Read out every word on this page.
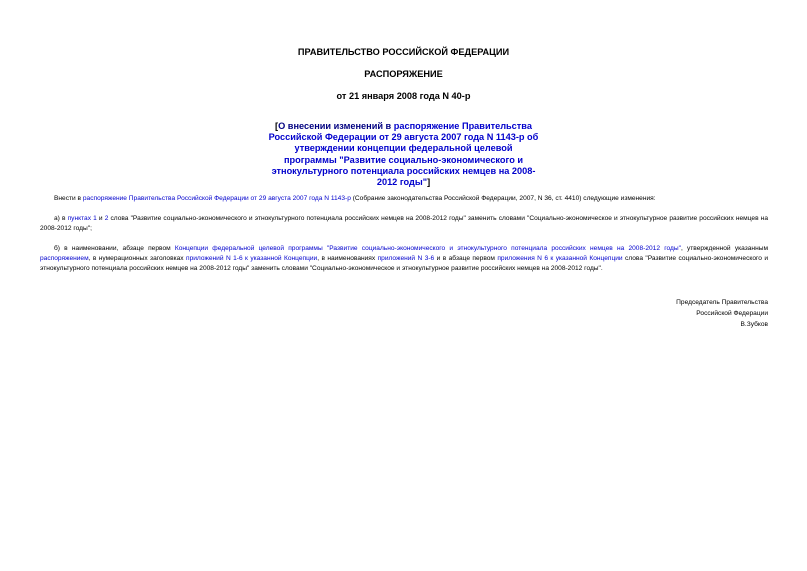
ПРАВИТЕЛЬСТВО РОССИЙСКОЙ ФЕДЕРАЦИИ
РАСПОРЯЖЕНИЕ
от 21 января 2008 года N 40-р
[О внесении изменений в распоряжение Правительства Российской Федерации от 29 августа 2007 года N 1143-р об утверждении концепции федеральной целевой программы "Развитие социально-экономического и этнокультурного потенциала российских немцев на 2008-2012 годы"]
Внести в распоряжение Правительства Российской Федерации от 29 августа 2007 года N 1143-р (Собрание законодательства Российской Федерации, 2007, N 36, ст. 4410) следующие изменения:
а) в пунктах 1 и 2 слова "Развитие социально-экономического и этнокультурного потенциала российских немцев на 2008-2012 годы" заменить словами "Социально-экономическое и этнокультурное развитие российских немцев на 2008-2012 годы";
б) в наименовании, абзаце первом Концепции федеральной целевой программы "Развитие социально-экономического и этнокультурного потенциала российских немцев на 2008-2012 годы", утвержденной указанным распоряжением, в нумерационных заголовках приложений N 1-6 к указанной Концепции, в наименованиях приложений N 3-6 и в абзаце первом приложения N 6 к указанной Концепции слова "Развитие социально-экономического и этнокультурного потенциала российских немцев на 2008-2012 годы" заменить словами "Социально-экономическое и этнокультурное развитие российских немцев на 2008-2012 годы".
Председатель Правительства
Российской Федерации
В.Зубков
